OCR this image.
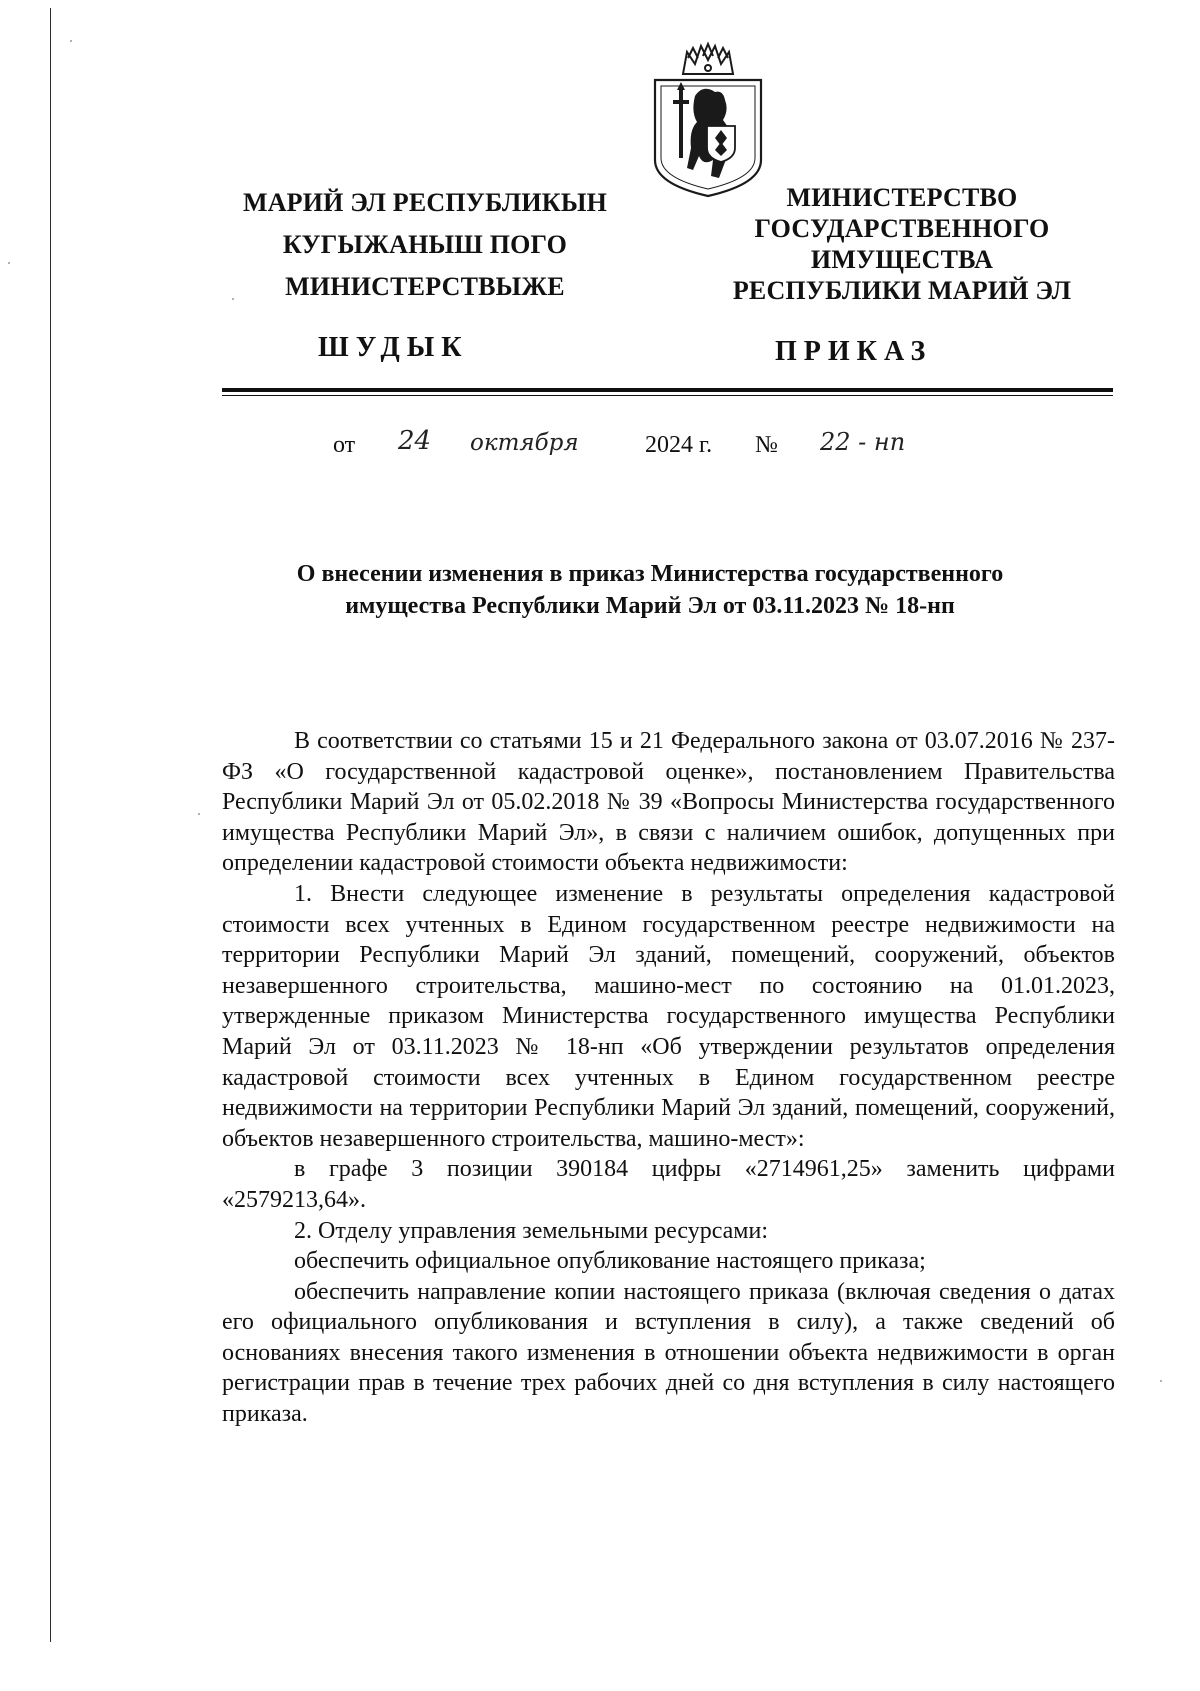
МАРИЙ ЭЛ РЕСПУБЛИКЫН
КУГЫЖАНЫШ ПОГО
МИНИСТЕРСТВЫЖЕ
МИНИСТЕРСТВО
ГОСУДАРСТВЕННОГО
ИМУЩЕСТВА
РЕСПУБЛИКИ МАРИЙ ЭЛ
ШУДЫК	ПРИКАЗ
от 24 октября	2024 г. № 22 - нп
О внесении изменения в приказ Министерства государственного
имущества Республики Марий Эл от 03.11.2023 № 18-нп

В соответствии со статьями 15 и 21 Федерального закона от 03.07.2016 № 237-ФЗ «О государственной кадастровой оценке», постановлением Правительства Республики Марий Эл от 05.02.2018 № 39 «Вопросы Министерства государственного имущества Республики Марий Эл», в связи с наличием ошибок, допущенных при определении кадастровой стоимости объекта недвижимости:

1. Внести следующее изменение в результаты определения кадастровой стоимости всех учтенных в Едином государственном реестре недвижимости на территории Республики Марий Эл зданий, помещений, сооружений, объектов незавершенного строительства, машино-мест по состоянию на 01.01.2023, утвержденные приказом Министерства государственного имущества Республики Марий Эл от 03.11.2023 № 18-нп «Об утверждении результатов определения кадастровой стоимости всех учтенных в Едином государственном реестре недвижимости на территории Республики Марий Эл зданий, помещений, сооружений, объектов незавершенного строительства, машино-мест»:

в графе 3 позиции 390184 цифры «2714961,25» заменить цифрами «2579213,64».

2. Отделу управления земельными ресурсами:

обеспечить официальное опубликование настоящего приказа;

обеспечить направление копии настоящего приказа (включая сведения о датах его официального опубликования и вступления в силу), а также сведений об основаниях внесения такого изменения в отношении объекта недвижимости в орган регистрации прав в течение трех рабочих дней со дня вступления в силу настоящего приказа.
